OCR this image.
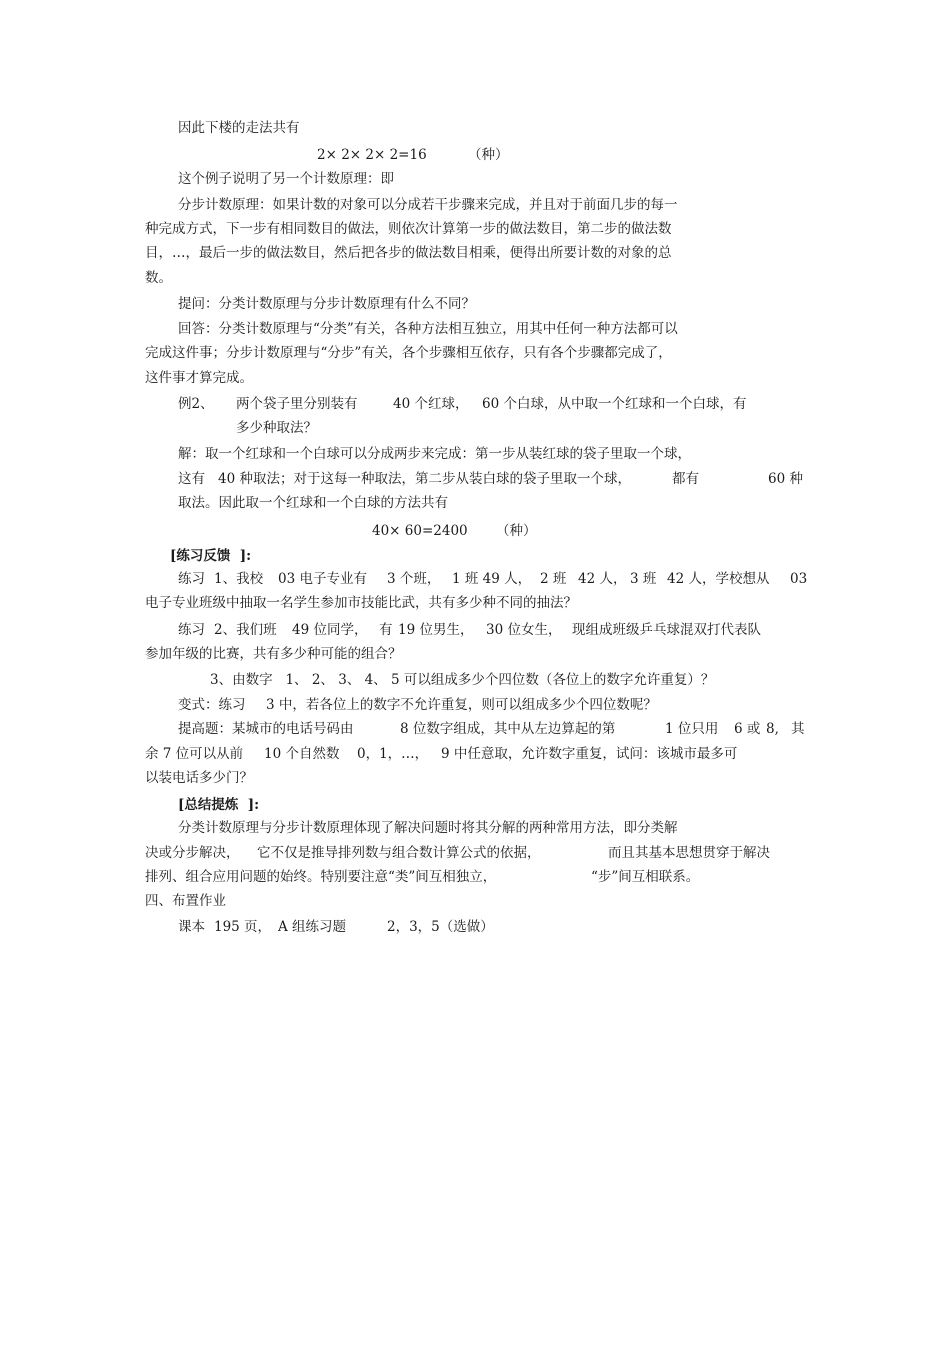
因此下楼的走法共有
2× 2× 2× 2=16	（种）
这个例子说明了另一个计数原理：即
分步计数原理：如果计数的对象可以分成若干步骤来完成，并且对于前面几步的每一
种完成方式，下一步有相同数目的做法，则依次计算第一步的做法数目，第二步的做法数
目，…，最后一步的做法数目，然后把各步的做法数目相乘，便得出所要计数的对象的总
数。
提问：分类计数原理与分步计数原理有什么不同？
回答：分类计数原理与“分类”有关，各种方法相互独立，用其中任何一种方法都可以
完成这件事；分步计数原理与“分步”有关，各个步骤相互依存，只有各个步骤都完成了，
这件事才算完成。
例2、 两个袋子里分别装有	40 个红球， 60 个白球，从中取一个红球和一个白球，有
多少种取法？
解：取一个红球和一个白球可以分成两步来完成：第一步从装红球的袋子里取一个球，
这有 40 种取法；对于这每一种取法，第二步从装白球的袋子里取一个球，	都有	60 种
取法。因此取一个红球和一个白球的方法共有
40× 60=2400 （种）
[练习反馈  ]:
练习 1、我校 03 电子专业有 3 个班， 1 班 49 人， 2 班 42 人， 3 班 42 人，学校想从 03
电子专业班级中抽取一名学生参加市技能比武，共有多少种不同的抽法？
练习 2、我们班 49 位同学， 有 19 位男生， 30 位女生， 现组成班级乒乓球混双打代表队
参加年级的比赛，共有多少种可能的组合？
3、由数字   1、 2、 3、 4、 5 可以组成多少个四位数（各位上的数字允许重复）？
变式：练习 3 中，若各位上的数字不允许重复，则可以组成多少个四位数呢？
提高题：某城市的电话号码由	8 位数字组成，其中从左边算起的第	1 位只用 6 或 8, 其
余 7 位可以从前 10 个自然数 0，1，…， 9 中任意取，允许数字重复，试问：该城市最多可
以装电话多少门？
[总结提炼  ]:
分类计数原理与分步计数原理体现了解决问题时将其分解的两种常用方法，即分类解
决或分步解决， 它不仅是推导排列数与组合数计算公式的依据，	而且其基本思想贯穿于解决
排列、组合应用问题的始终。特别要注意“类”间互相独立，	“步”间互相联系。
四、布置作业
课本 195 页， A 组练习题	2，3，5（选做）
